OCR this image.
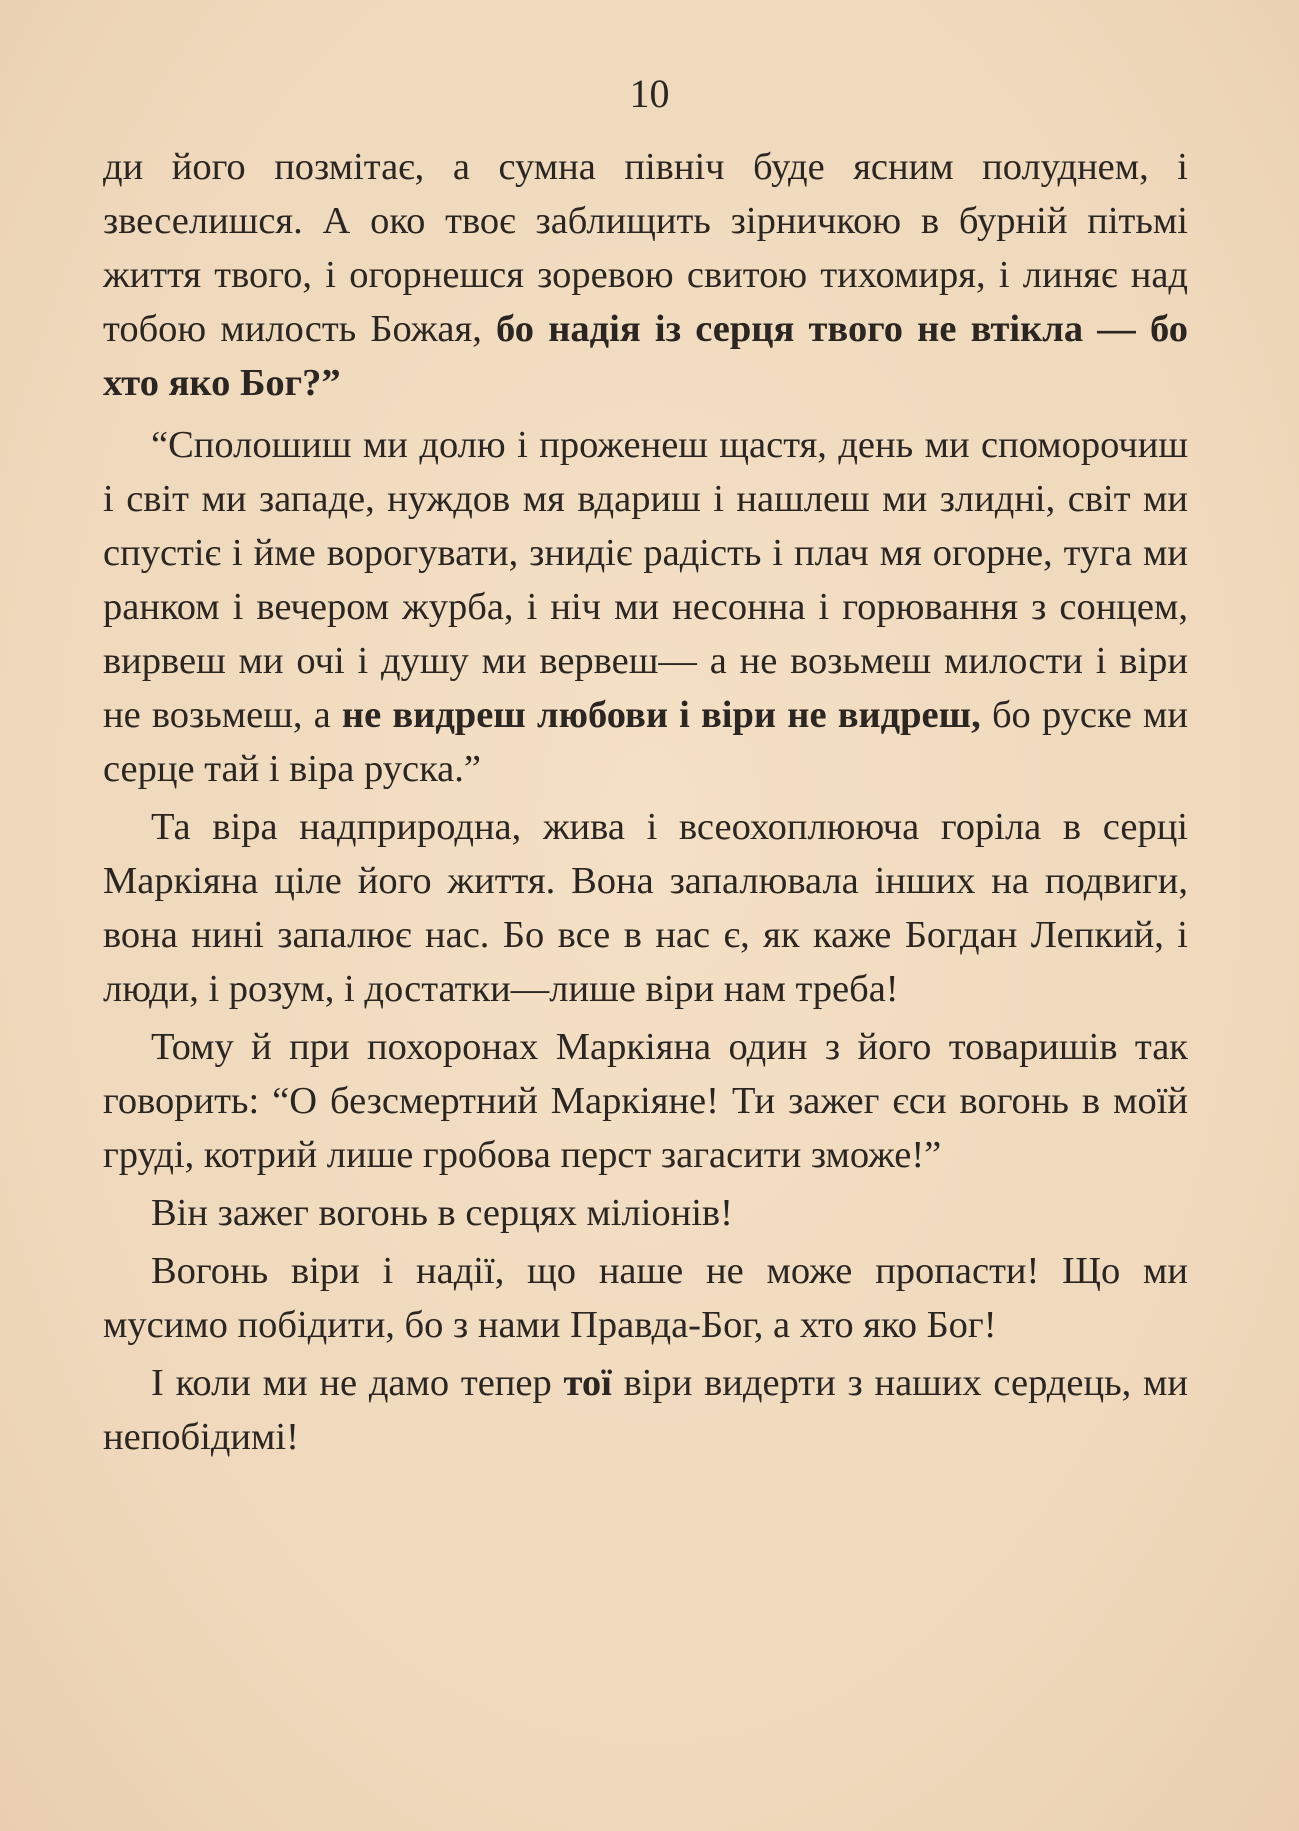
10

ди його позмітає, а сумна північ буде ясним полуднем, і звеселишся. А око твоє заблищить зірничкою в бурній пітьмі життя твого, і огорнешся зоревою свитою тихомиря, і линяє над тобою милость Божая, бо надія із серця твого не втікла — бо хто яко Бог?”

“Сполошиш ми долю і проженеш щастя, день ми споморочиш і світ ми западе, нуждов мя вдариш і нашлеш ми злидні, світ ми спустіє і йме ворогувати, знидіє радість і плач мя огорне, туга ми ранком і вечером журба, і ніч ми несонна і горювання з сонцем, вирвеш ми очі і душу ми вервеш— а не возьмеш милости і віри не возьмеш, а не видреш любови і віри не видреш, бо руске ми серце тай і віра руска.”

Та віра надприродна, жива і всеохоплююча горіла в серці Маркіяна ціле його життя. Вона запалювала інших на подвиги, вона нині запалює нас. Бо все в нас є, як каже Богдан Лепкий, і люди, і розум, і достатки—лише віри нам треба!

Тому й при похоронах Маркіяна один з його товаришів так говорить: “О безсмертний Маркіяне! Ти зажег єси вогонь в моїй груді, котрий лише гробова перст загасити зможе!”

Він зажег вогонь в серцях міліонів!

Вогонь віри і надії, що наше не може пропасти! Що ми мусимо побідити, бо з нами Правда-Бог, а хто яко Бог!

І коли ми не дамо тепер тої віри видерти з наших сердець, ми непобідимі!
